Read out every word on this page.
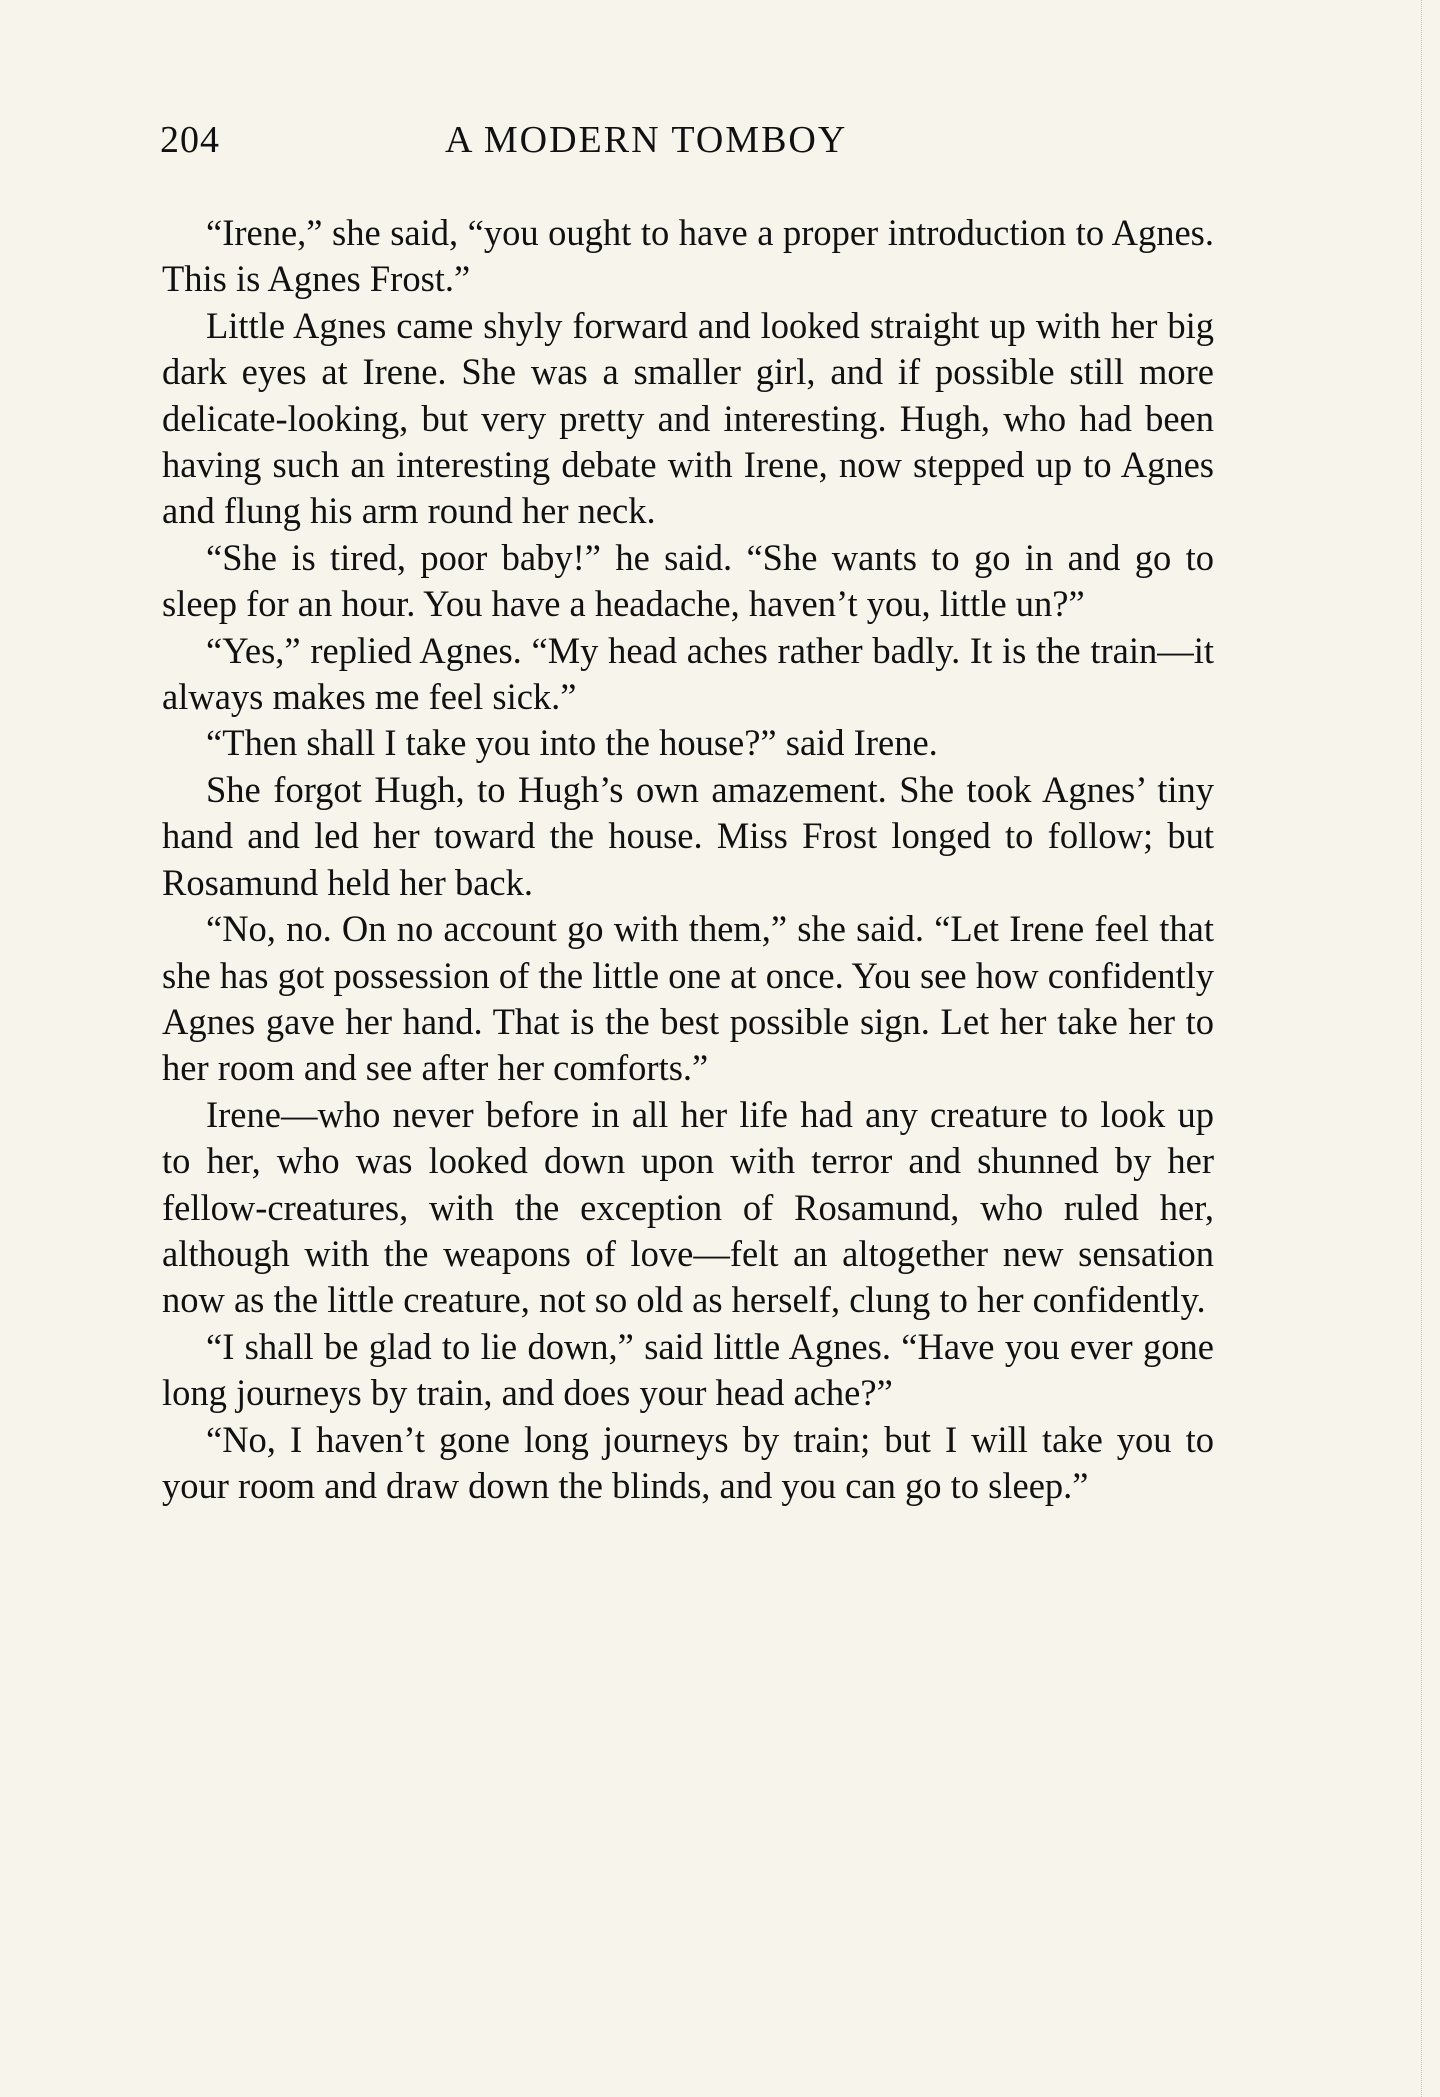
204	A MODERN TOMBOY

“Irene,” she said, “you ought to have a proper introduction to Agnes. This is Agnes Frost.”

Little Agnes came shyly forward and looked straight up with her big dark eyes at Irene. She was a smaller girl, and if possible still more delicate-looking, but very pretty and interesting. Hugh, who had been having such an interesting debate with Irene, now stepped up to Agnes and flung his arm round her neck.

“She is tired, poor baby!” he said. “She wants to go in and go to sleep for an hour. You have a headache, haven’t you, little un?”

“Yes,” replied Agnes. “My head aches rather badly. It is the train—it always makes me feel sick.”

“Then shall I take you into the house?” said Irene.

She forgot Hugh, to Hugh’s own amazement. She took Agnes’ tiny hand and led her toward the house. Miss Frost longed to follow; but Rosamund held her back.

“No, no. On no account go with them,” she said. “Let Irene feel that she has got possession of the little one at once. You see how confidently Agnes gave her hand. That is the best possible sign. Let her take her to her room and see after her comforts.”

Irene—who never before in all her life had any creature to look up to her, who was looked down upon with terror and shunned by her fellow-creatures, with the exception of Rosamund, who ruled her, although with the weapons of love—felt an altogether new sensation now as the little creature, not so old as herself, clung to her confidently.

“I shall be glad to lie down,” said little Agnes. “Have you ever gone long journeys by train, and does your head ache?”

“No, I haven’t gone long journeys by train; but I will take you to your room and draw down the blinds, and you can go to sleep.”
